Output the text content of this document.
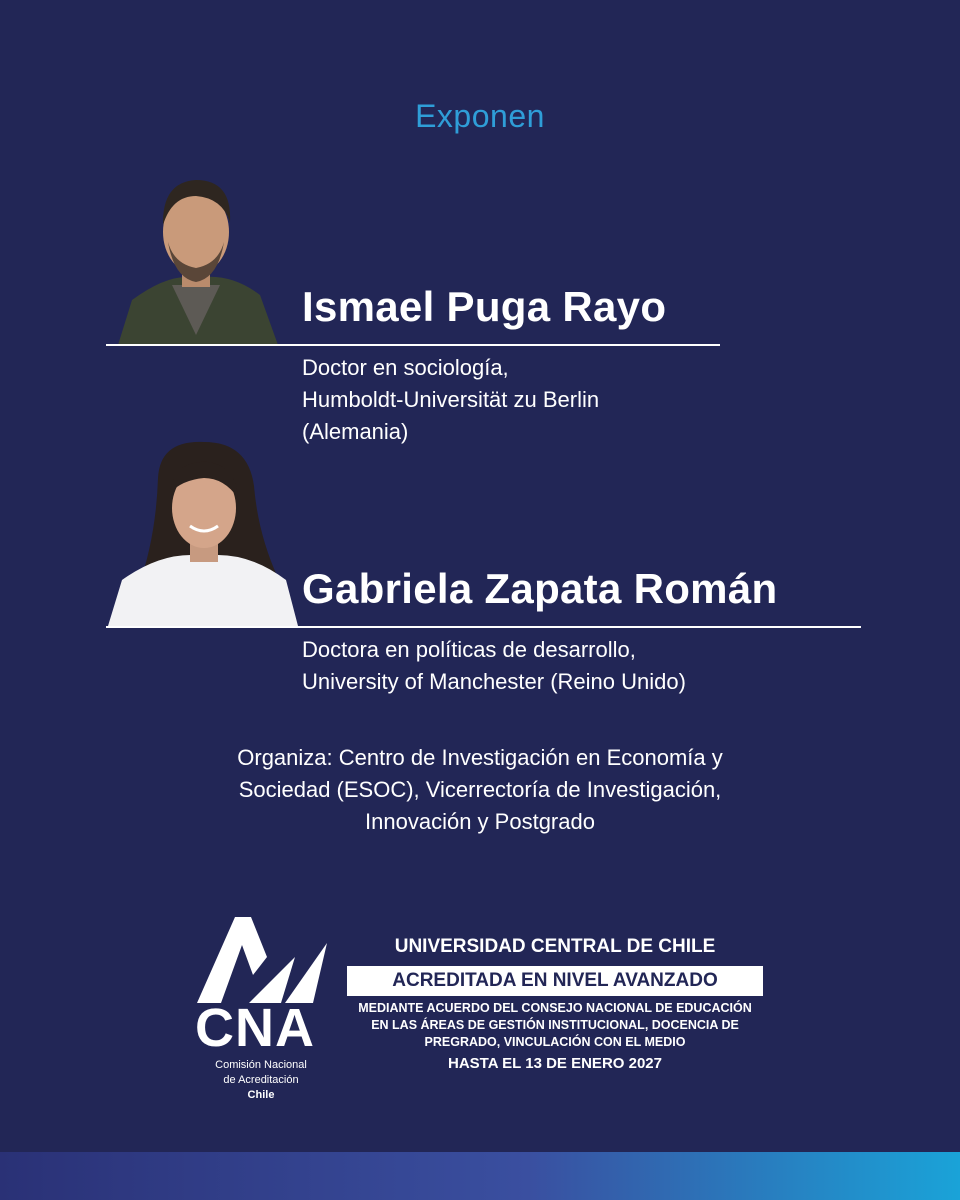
Exponen
Ismael Puga Rayo
Doctor en sociología,
Humboldt-Universität zu Berlin
(Alemania)
Gabriela Zapata Román
Doctora en políticas de desarrollo,
University of Manchester (Reino Unido)
Organiza: Centro de Investigación en Economía y
Sociedad (ESOC), Vicerrectoría de Investigación,
Innovación y Postgrado
CNA
Comisión Nacional
de Acreditación
Chile
UNIVERSIDAD CENTRAL DE CHILE
ACREDITADA EN NIVEL AVANZADO
MEDIANTE ACUERDO DEL CONSEJO NACIONAL DE EDUCACIÓN
EN LAS ÁREAS DE GESTIÓN INSTITUCIONAL, DOCENCIA DE
PREGRADO, VINCULACIÓN CON EL MEDIO
HASTA EL 13 DE ENERO 2027
